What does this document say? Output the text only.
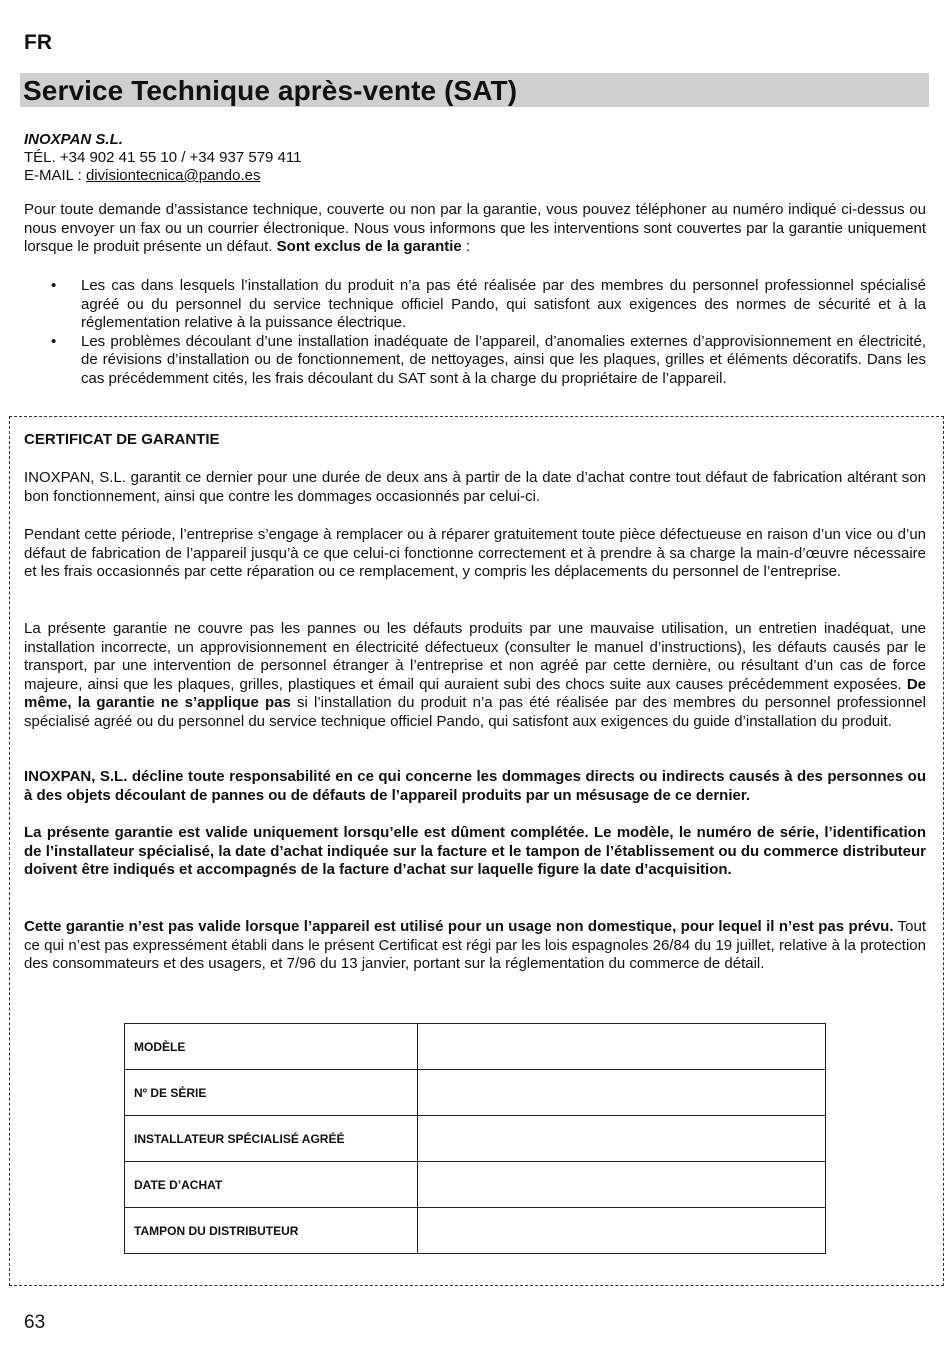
FR
Service Technique après-vente (SAT)
INOXPAN S.L.
TÉL. +34 902 41 55 10 / +34 937 579 411
E-MAIL : divisiontecnica@pando.es

Pour toute demande d’assistance technique, couverte ou non par la garantie, vous pouvez téléphoner au numéro indiqué ci-dessus ou nous envoyer un fax ou un courrier électronique. Nous vous informons que les interventions sont couvertes par la garantie uniquement lorsque le produit présente un défaut. Sont exclus de la garantie :

• Les cas dans lesquels l’installation du produit n’a pas été réalisée par des membres du personnel professionnel spécialisé agréé ou du personnel du service technique officiel Pando, qui satisfont aux exigences des normes de sécurité et à la réglementation relative à la puissance électrique.
• Les problèmes découlant d’une installation inadéquate de l’appareil, d’anomalies externes d’approvisionnement en électricité, de révisions d’installation ou de fonctionnement, de nettoyages, ainsi que les plaques, grilles et éléments décoratifs. Dans les cas précédemment cités, les frais découlant du SAT sont à la charge du propriétaire de l’appareil.

CERTIFICAT DE GARANTIE

INOXPAN, S.L. garantit ce dernier pour une durée de deux ans à partir de la date d’achat contre tout défaut de fabrication altérant son bon fonctionnement, ainsi que contre les dommages occasionnés par celui-ci.

Pendant cette période, l’entreprise s’engage à remplacer ou à réparer gratuitement toute pièce défectueuse en raison d’un vice ou d’un défaut de fabrication de l’appareil jusqu’à ce que celui-ci fonctionne correctement et à prendre à sa charge la main-d’œuvre nécessaire et les frais occasionnés par cette réparation ou ce remplacement, y compris les déplacements du personnel de l’entreprise.

La présente garantie ne couvre pas les pannes ou les défauts produits par une mauvaise utilisation, un entretien inadéquat, une installation incorrecte, un approvisionnement en électricité défectueux (consulter le manuel d’instructions), les défauts causés par le transport, par une intervention de personnel étranger à l’entreprise et non agréé par cette dernière, ou résultant d’un cas de force majeure, ainsi que les plaques, grilles, plastiques et émail qui auraient subi des chocs suite aux causes précédemment exposées. De même, la garantie ne s’applique pas si l’installation du produit n’a pas été réalisée par des membres du personnel professionnel spécialisé agréé ou du personnel du service technique officiel Pando, qui satisfont aux exigences du guide d’installation du produit.

INOXPAN, S.L. décline toute responsabilité en ce qui concerne les dommages directs ou indirects causés à des personnes ou à des objets découlant de pannes ou de défauts de l’appareil produits par un mésusage de ce dernier.

La présente garantie est valide uniquement lorsqu’elle est dûment complétée. Le modèle, le numéro de série, l’identification de l’installateur spécialisé, la date d’achat indiquée sur la facture et le tampon de l’établissement ou du commerce distributeur doivent être indiqués et accompagnés de la facture d’achat sur laquelle figure la date d’acquisition.

Cette garantie n’est pas valide lorsque l’appareil est utilisé pour un usage non domestique, pour lequel il n’est pas prévu. Tout ce qui n’est pas expressément établi dans le présent Certificat est régi par les lois espagnoles 26/84 du 19 juillet, relative à la protection des consommateurs et des usagers, et 7/96 du 13 janvier, portant sur la réglementation du commerce de détail.

MODÈLE	
Nº DE SÉRIE	
INSTALLATEUR SPÉCIALISÉ AGRÉÉ	
DATE D’ACHAT	
TAMPON DU DISTRIBUTEUR	
63
